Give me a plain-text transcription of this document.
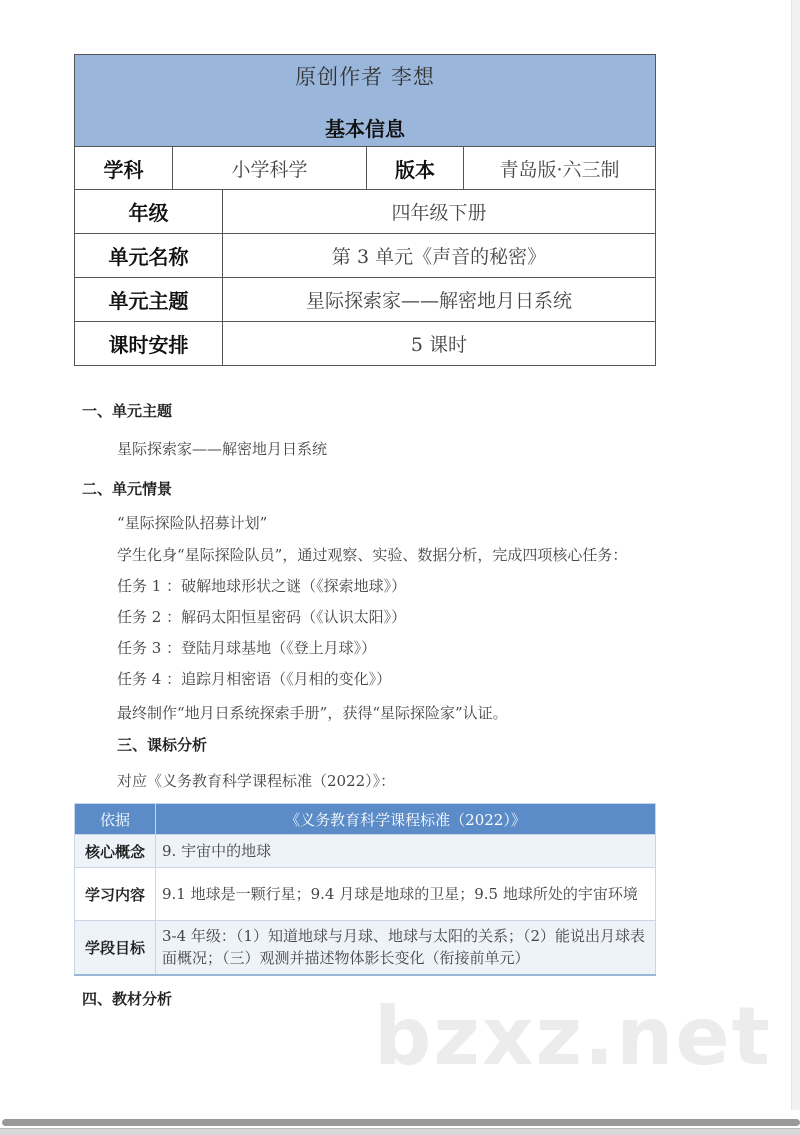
原创作者 李想
基本信息

学科	小学科学	版本	青岛版·六三制

年级	四年级下册

单元名称	第 3 单元《声音的秘密》

单元主题	星际探索家——解密地月日系统

课时安排	5 课时
一、单元主题
星际探索家——解密地月日系统
二、单元情景
“星际探险队招募计划”
学生化身“星际探险队员”，通过观察、实验、数据分析，完成四项核心任务：
任务 1 ：破解地球形状之谜（《探索地球》）
任务 2 ：解码太阳恒星密码（《认识太阳》）
任务 3 ：登陆月球基地（《登上月球》）
任务 4 ：追踪月相密语（《月相的变化》）
最终制作“地月日系统探索手册”，获得“星际探险家”认证。
三、课标分析
对应《义务教育科学课程标准（2022）》：
依据	《义务教育科学课程标准（2022）》
核心概念	9. 宇宙中的地球
学习内容	9.1 地球是一颗行星；9.4 月球是地球的卫星；9.5 地球所处的宇宙环境
学段目标	3-4 年级：（1）知道地球与月球、地球与太阳的关系；（2）能说出月球表面概况；（三）观测并描述物体影长变化（衔接前单元）
四、教材分析	bzxz.net
